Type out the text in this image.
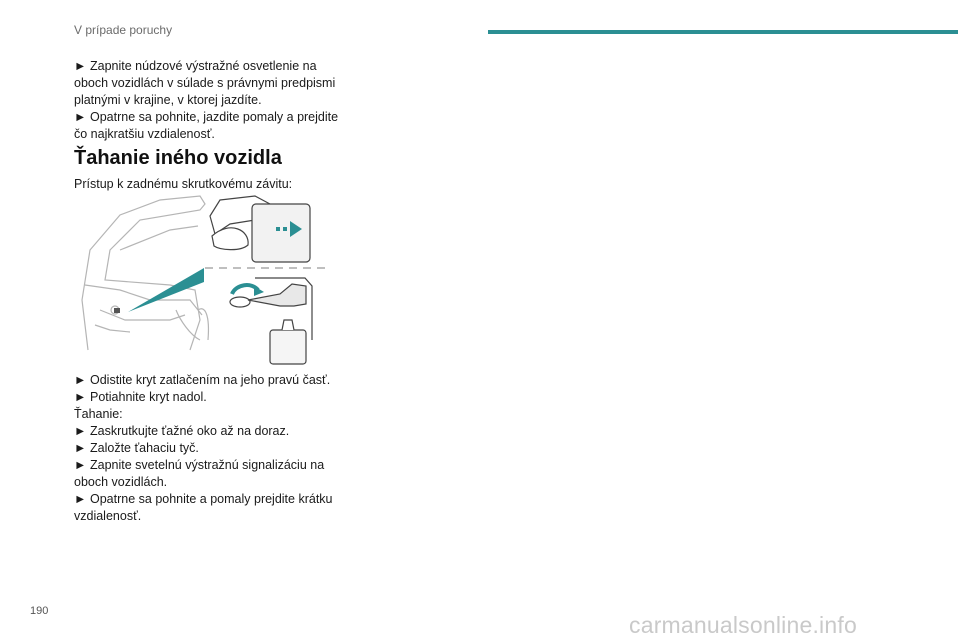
V prípade poruchy

► Zapnite núdzové výstražné osvetlenie na

oboch vozidlách v súlade s právnymi predpismi

platnými v krajine, v ktorej jazdíte.

► Opatrne sa pohnite, jazdite pomaly a prejdite

čo najkratšiu vzdialenosť.

Ťahanie iného vozidla

Prístup k zadnému skrutkovému závitu:

► Odistite kryt zatlačením na jeho pravú časť.

► Potiahnite kryt nadol.

Ťahanie:

► Zaskrutkujte ťažné oko až na doraz.

► Založte ťahaciu tyč.

► Zapnite svetelnú výstražnú signalizáciu na

oboch vozidlách.

► Opatrne sa pohnite a pomaly prejdite krátku

vzdialenosť.

190
carmanualsonline.info
